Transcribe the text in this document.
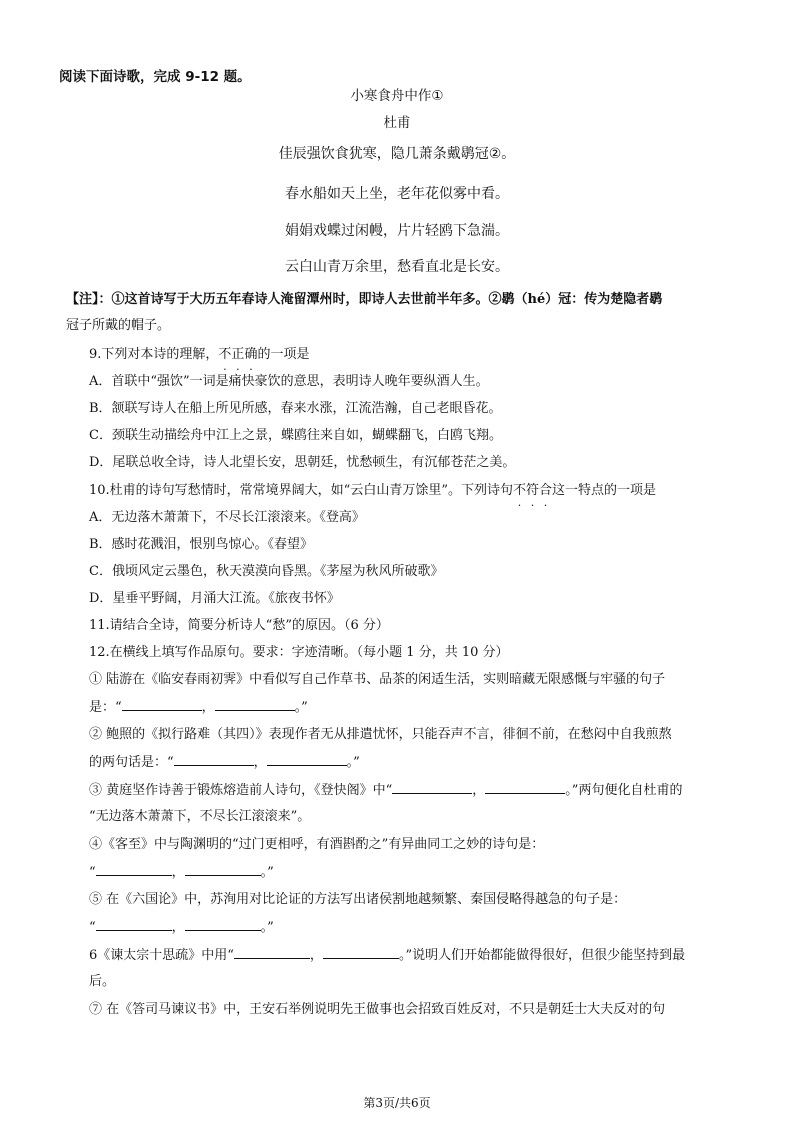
阅读下面诗歌，完成 9-12 题。
小寒食舟中作①
杜甫
佳辰强饮食犹寒，隐几萧条戴鹖冠②。
春水船如天上坐，老年花似雾中看。
娟娟戏蝶过闲幔，片片轻鸥下急湍。
云白山青万余里，愁看直北是长安。
【注】：①这首诗写于大历五年春诗人淹留潭州时，即诗人去世前半年多。②鹖（hé）冠：传为楚隐者鹖
冠子所戴的帽子。
9.下列对本诗的理解，不正确的一项是
A．首联中“强饮”一词是痛快豪饮的意思，表明诗人晚年要纵酒人生。
B．颔联写诗人在船上所见所感，春来水涨，江流浩瀚，自己老眼昏花。
C．颈联生动描绘舟中江上之景，蝶鸥往来自如，蝴蝶翻飞，白鸥飞翔。
D．尾联总收全诗，诗人北望长安，思朝廷，忧愁顿生，有沉郁苍茫之美。
10.杜甫的诗句写愁情时，常常境界阔大，如“云白山青万馀里”。下列诗句不符合这一特点的一项是
A．无边落木萧萧下，不尽长江滚滚来。《登高》
B．感时花溅泪，恨别鸟惊心。《春望》
C．俄顷风定云墨色，秋天漠漠向昏黑。《茅屋为秋风所破歌》
D．星垂平野阔，月涌大江流。《旅夜书怀》
11.请结合全诗，简要分析诗人“愁”的原因。（6 分）
12.在横线上填写作品原句。要求：字迹清晰。（每小题 1 分，共 10 分）
① 陆游在《临安春雨初霁》中看似写自己作草书、品茶的闲适生活，实则暗藏无限感慨与牢骚的句子
是：“	，	。”
② 鲍照的《拟行路难（其四）》表现作者无从排遣忧怀，只能吞声不言，徘徊不前，在愁闷中自我煎熬
的两句话是：“	，	。”
③ 黄庭坚作诗善于锻炼熔造前人诗句，《登快阁》中“	，	。”两句便化自杜甫的
“无边落木萧萧下，不尽长江滚滚来”。
④《客至》中与陶渊明的“过门更相呼，有酒斟酌之”有异曲同工之妙的诗句是：
“	，	。”
⑤ 在《六国论》中，苏洵用对比论证的方法写出诸侯割地越频繁、秦国侵略得越急的句子是：
“	，	。”
6《谏太宗十思疏》中用“	，	。”说明人们开始都能做得很好，但很少能坚持到最
后。
⑦ 在《答司马谏议书》中，王安石举例说明先王做事也会招致百姓反对，不只是朝廷士大夫反对的句
第3页/共6页
